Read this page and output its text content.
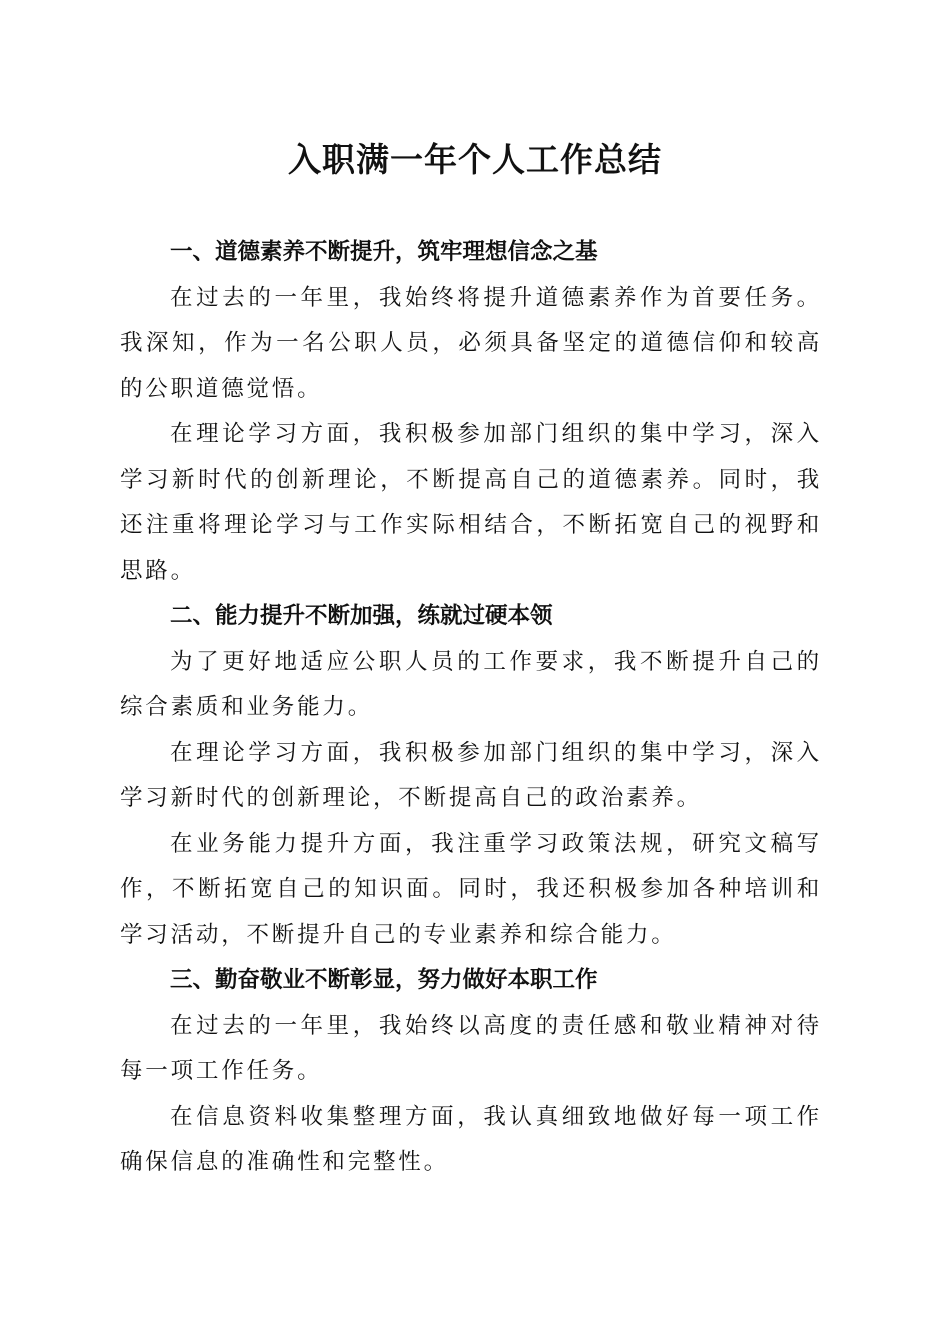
入职满一年个人工作总结

一、道德素养不断提升，筑牢理想信念之基

在过去的一年里，我始终将提升道德素养作为首要任务。我深知，作为一名公职人员，必须具备坚定的道德信仰和较高的公职道德觉悟。

在理论学习方面，我积极参加部门组织的集中学习，深入学习新时代的创新理论，不断提高自己的道德素养。同时，我还注重将理论学习与工作实际相结合，不断拓宽自己的视野和思路。

二、能力提升不断加强，练就过硬本领

为了更好地适应公职人员的工作要求，我不断提升自己的综合素质和业务能力。

在理论学习方面，我积极参加部门组织的集中学习，深入学习新时代的创新理论，不断提高自己的政治素养。

在业务能力提升方面，我注重学习政策法规，研究文稿写作，不断拓宽自己的知识面。同时，我还积极参加各种培训和学习活动，不断提升自己的专业素养和综合能力。

三、勤奋敬业不断彰显，努力做好本职工作

在过去的一年里，我始终以高度的责任感和敬业精神对待每一项工作任务。

在信息资料收集整理方面，我认真细致地做好每一项工作确保信息的准确性和完整性。
